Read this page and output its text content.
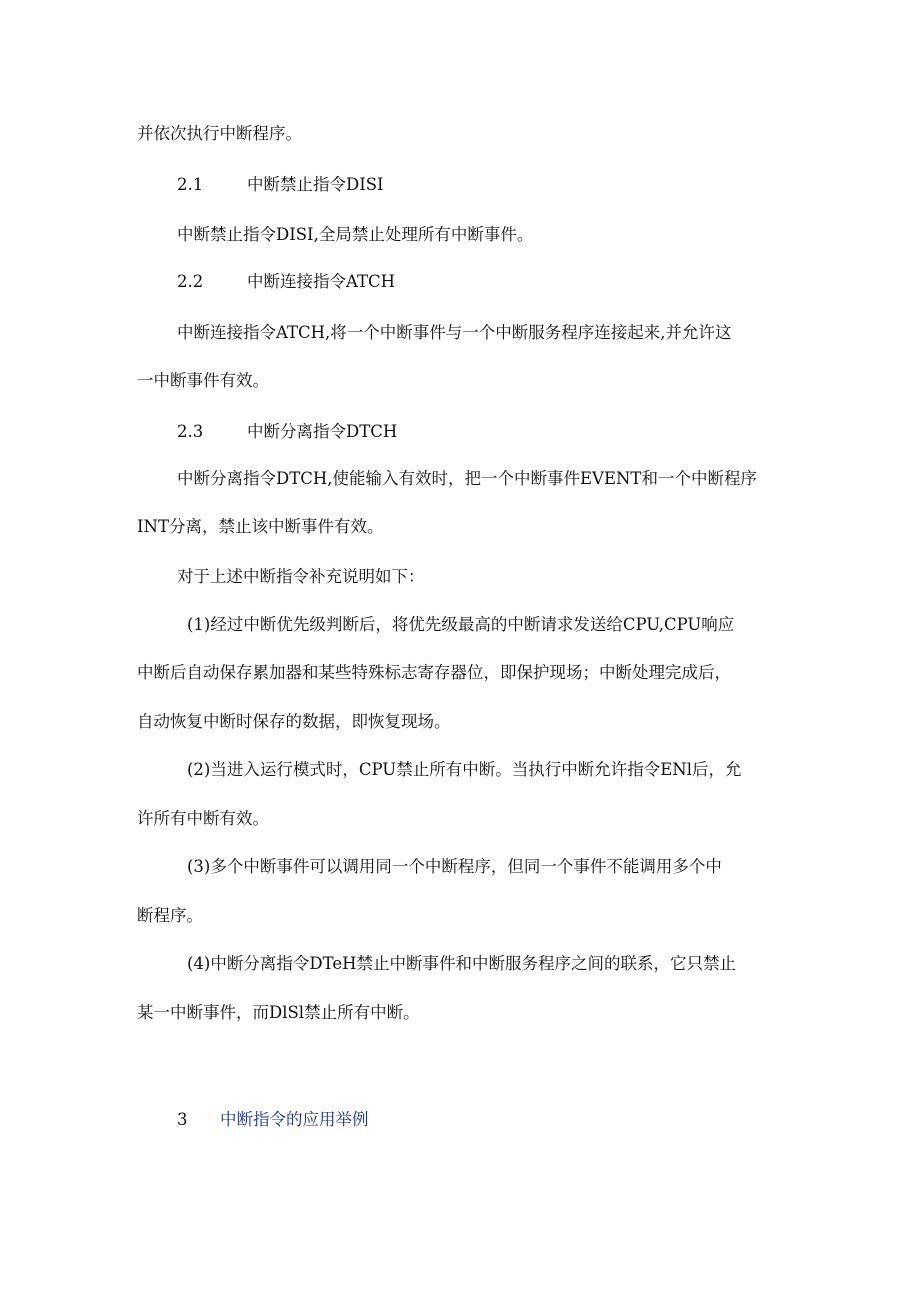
并依次执行中断程序。
2.1	中断禁止指令DISI
中断禁止指令DISI,全局禁止处理所有中断事件。
2.2	中断连接指令ATCH
中断连接指令ATCH,将一个中断事件与一个中断服务程序连接起来,并允许这
一中断事件有效。
2.3	中断分离指令DTCH
中断分离指令DTCH,使能输入有效时，把一个中断事件EVENT和一个中断程序
INT分离，禁止该中断事件有效。
对于上述中断指令补充说明如下：
(1)经过中断优先级判断后，将优先级最高的中断请求发送给CPU,CPU响应
中断后自动保存累加器和某些特殊标志寄存器位，即保护现场；中断处理完成后，
自动恢复中断时保存的数据，即恢复现场。
(2)当进入运行模式时，CPU禁止所有中断。当执行中断允许指令ENl后，允
许所有中断有效。
(3)多个中断事件可以调用同一个中断程序，但同一个事件不能调用多个中
断程序。
(4)中断分离指令DTeH禁止中断事件和中断服务程序之间的联系，它只禁止
某一中断事件，而DlSl禁止所有中断。
3 中断指令的应用举例
